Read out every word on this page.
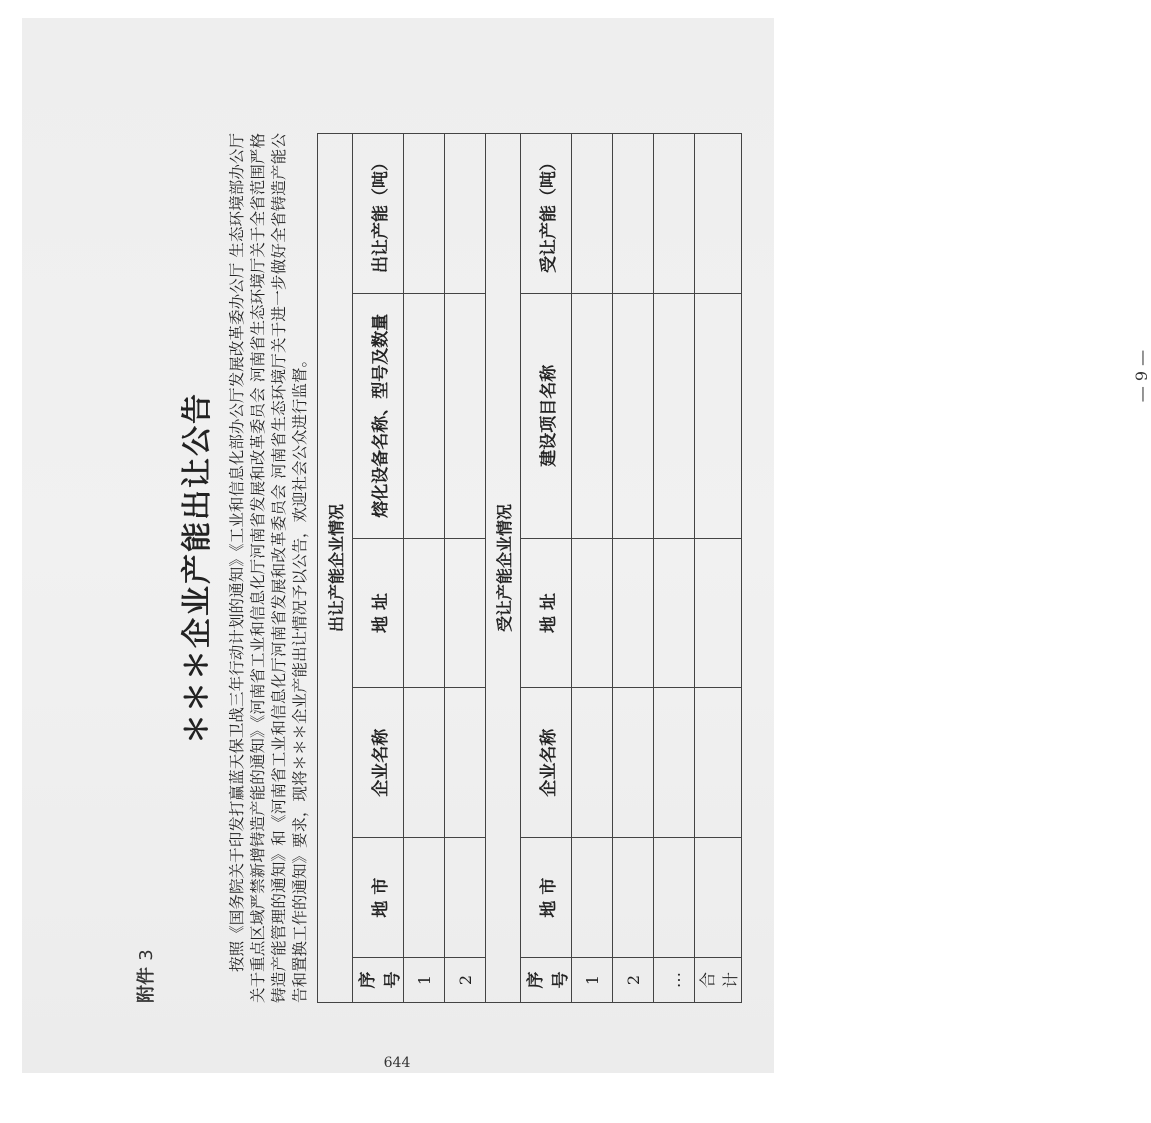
附件 3
＊＊＊企业产能出让公告 按照《国务院关于印发打赢蓝天保卫战三年行动计划的通知》《工业和信息化部办公厅发展改革委办公厅 生态环境部办公厅关于重点区域严禁新增铸造产能的通知》《河南省工业和信息化厅河南省发展和改革委员会 河南省生态环境厅关于全省范围严格铸造产能管理的通知》和《河南省工业和信息化厅河南省发展和改革委员会 河南省生态环境厅关于进一步做好全省铸造产能公告和置换工作的通知》要求，现将＊＊＊企业产能出让情况予以公告，欢迎社会公众进行监督。 出让产能企业情况					
序号	地 市	企业名称	地 址	熔化设备名称、型号及数量	出让产能（吨）
1					
2					
受让产能企业情况					
序号	地 市	企业名称	地 址	建设项目名称	受让产能（吨）
1					
2					
…					
合计					
— 9 —
644
